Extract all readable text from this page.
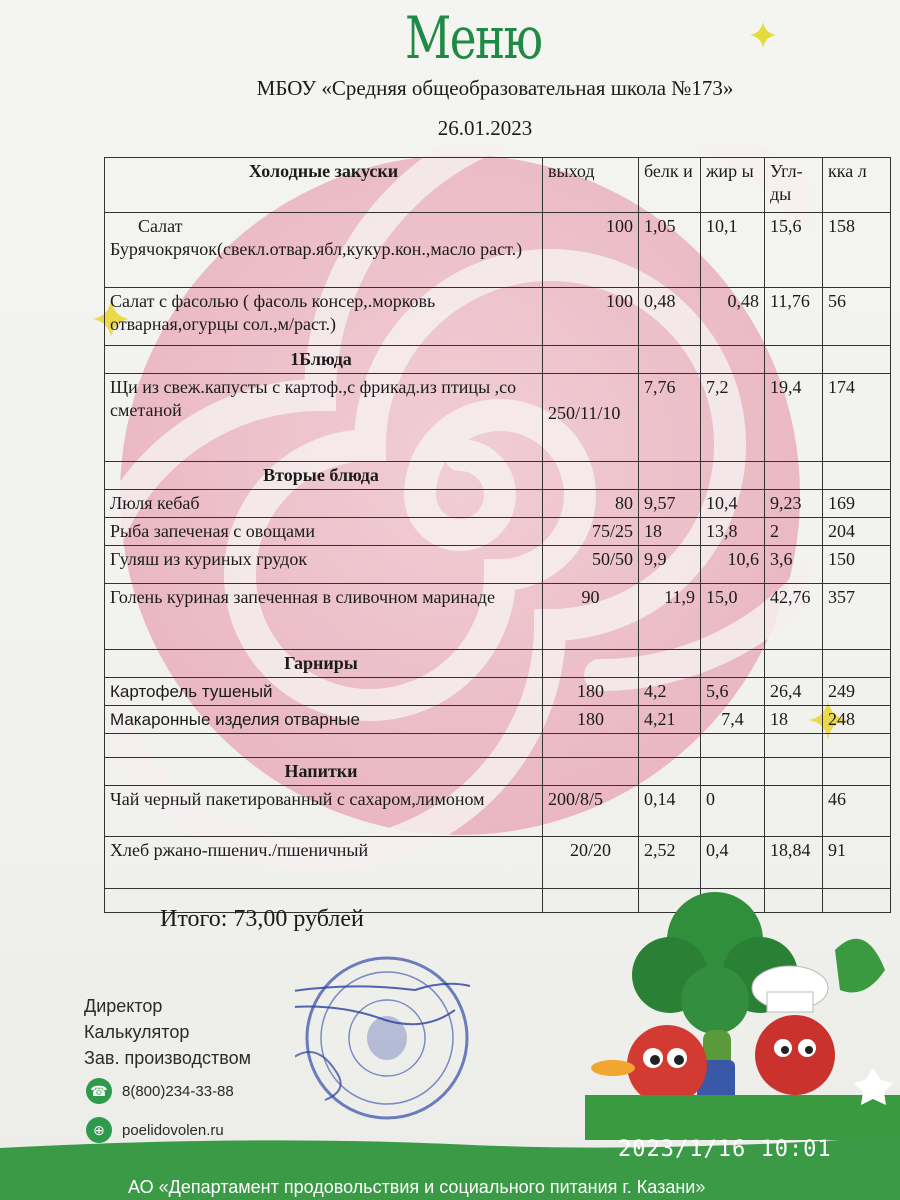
Меню
МБОУ «Средняя общеобразовательная школа №173»
26.01.2023
Холодные закуски	выход	белк и	жир ы	Угл- ды	кка л
Салат Бурячокрячок(свекл.отвар.ябл,кукур.кон.,масло раст.)	100	1,05	10,1	15,6	158
Салат с фасолью ( фасоль консер,.морковь отварная,огурцы сол.,м/раст.)	100	0,48	0,48	11,76	56
1Блюда					
Щи из свеж.капусты с картоф.,с фрикад.из птицы ,со сметаной	250/11/10	7,76	7,2	19,4	174
Вторые блюда					
Люля кебаб	80	9,57	10,4	9,23	169
Рыба запеченая с овощами	75/25	18	13,8	2	204
Гуляш из куриных грудок	50/50	9,9	10,6	3,6	150
Голень куриная запеченная в сливочном маринаде	90	11,9	15,0	42,76	357
Гарниры					
Картофель тушеный	180	4,2	5,6	26,4	249
Макаронные изделия отварные	180	4,21	7,4	18	248

Напитки					
Чай черный пакетированный с сахаром,лимоном	200/8/5	0,14	0		46
Хлеб ржано-пшенич./пшеничный	20/20	2,52	0,4	18,84	91

Итого: 73,00 рублей
Директор
Калькулятор
Зав. производством
☎ 8(800)234-33-88
⊕	poelidovolen.ru
2023/1/16 10:01
АО «Департамент продовольствия и социального питания г. Казани»
